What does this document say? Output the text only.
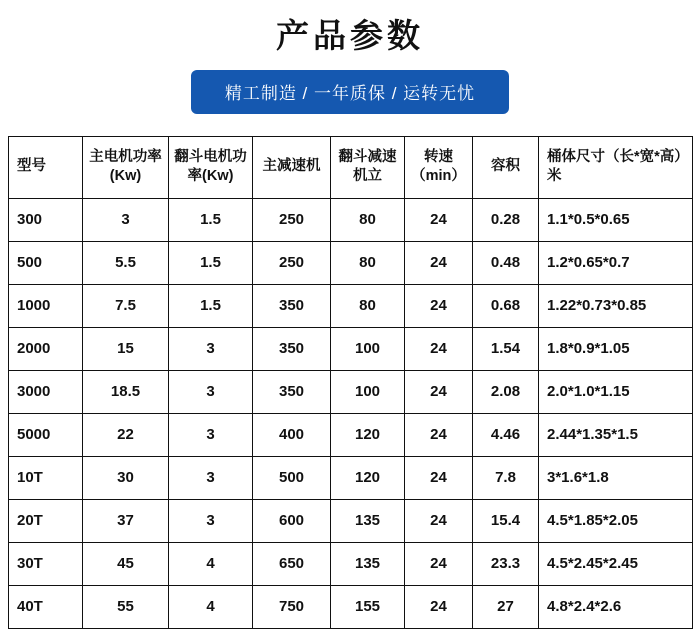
产品参数
精工制造 / 一年质保 / 运转无忧
型号	主电机功率(Kw)	翻斗电机功率(Kw)	主减速机	翻斗减速机立	转速（min）	容积	桶体尺寸（长*宽*高）米
300	3	1.5	250	80	24	0.28	1.1*0.5*0.65
500	5.5	1.5	250	80	24	0.48	1.2*0.65*0.7
1000	7.5	1.5	350	80	24	0.68	1.22*0.73*0.85
2000	15	3	350	100	24	1.54	1.8*0.9*1.05
3000	18.5	3	350	100	24	2.08	2.0*1.0*1.15
5000	22	3	400	120	24	4.46	2.44*1.35*1.5
10T	30	3	500	120	24	7.8	3*1.6*1.8
20T	37	3	600	135	24	15.4	4.5*1.85*2.05
30T	45	4	650	135	24	23.3	4.5*2.45*2.45
40T	55	4	750	155	24	27	4.8*2.4*2.6
